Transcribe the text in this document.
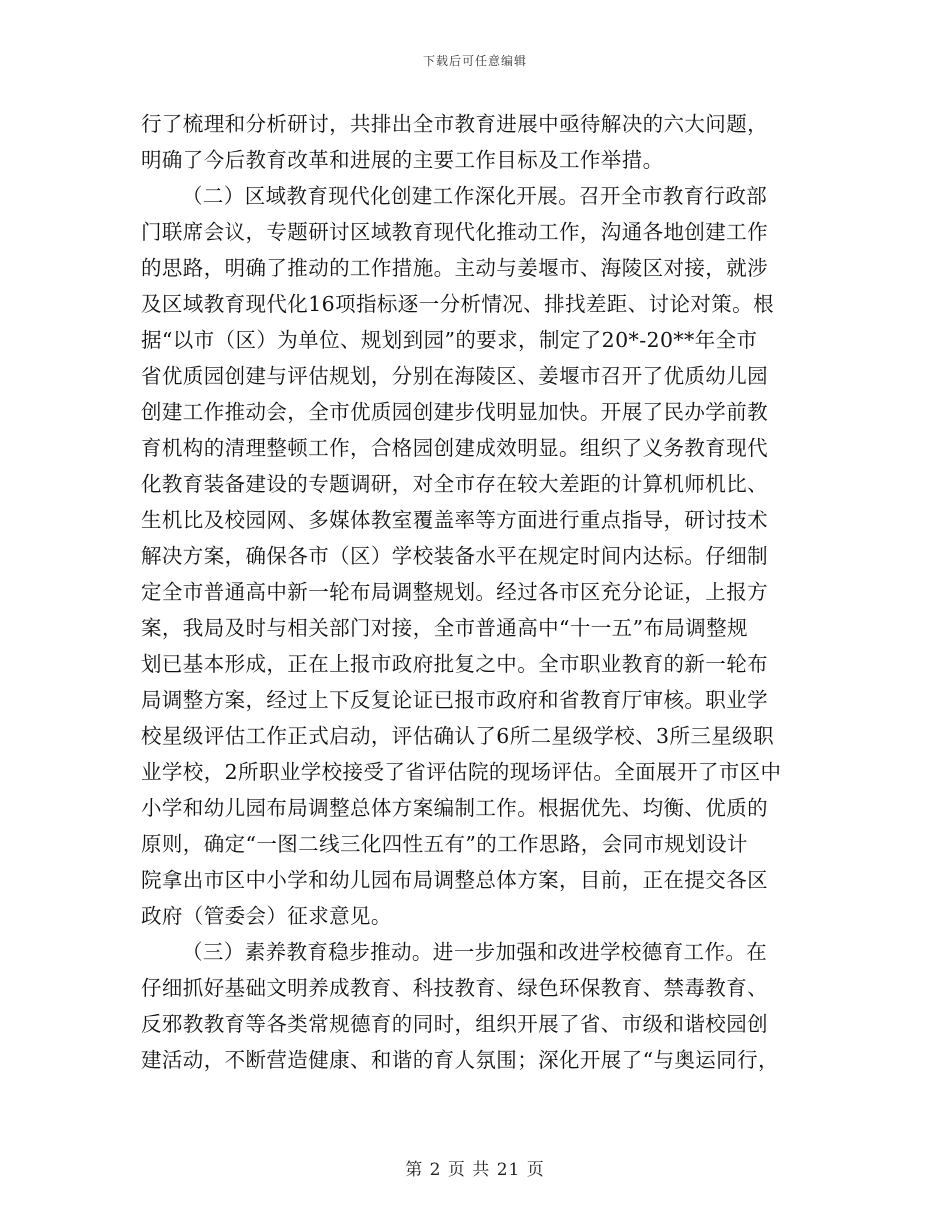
下载后可任意编辑
行了梳理和分析研讨，共排出全市教育进展中亟待解决的六大问题，
明确了今后教育改革和进展的主要工作目标及工作举措。
（二）区域教育现代化创建工作深化开展。召开全市教育行政部
门联席会议，专题研讨区域教育现代化推动工作，沟通各地创建工作
的思路，明确了推动的工作措施。主动与姜堰市、海陵区对接，就涉
及区域教育现代化16项指标逐一分析情况、排找差距、讨论对策。根
据“以市（区）为单位、规划到园”的要求，制定了20*-20**年全市
省优质园创建与评估规划，分别在海陵区、姜堰市召开了优质幼儿园
创建工作推动会，全市优质园创建步伐明显加快。开展了民办学前教
育机构的清理整顿工作，合格园创建成效明显。组织了义务教育现代
化教育装备建设的专题调研，对全市存在较大差距的计算机师机比、
生机比及校园网、多媒体教室覆盖率等方面进行重点指导，研讨技术
解决方案，确保各市（区）学校装备水平在规定时间内达标。仔细制
定全市普通高中新一轮布局调整规划。经过各市区充分论证，上报方
案，我局及时与相关部门对接，全市普通高中“十一五”布局调整规
划已基本形成，正在上报市政府批复之中。全市职业教育的新一轮布
局调整方案，经过上下反复论证已报市政府和省教育厅审核。职业学
校星级评估工作正式启动，评估确认了6所二星级学校、3所三星级职
业学校，2所职业学校接受了省评估院的现场评估。全面展开了市区中
小学和幼儿园布局调整总体方案编制工作。根据优先、均衡、优质的
原则，确定“一图二线三化四性五有”的工作思路，会同市规划设计
院拿出市区中小学和幼儿园布局调整总体方案，目前，正在提交各区
政府（管委会）征求意见。
（三）素养教育稳步推动。进一步加强和改进学校德育工作。在
仔细抓好基础文明养成教育、科技教育、绿色环保教育、禁毒教育、
反邪教教育等各类常规德育的同时，组织开展了省、市级和谐校园创
建活动，不断营造健康、和谐的育人氛围；深化开展了“与奥运同行，
第 2 页 共 21 页
